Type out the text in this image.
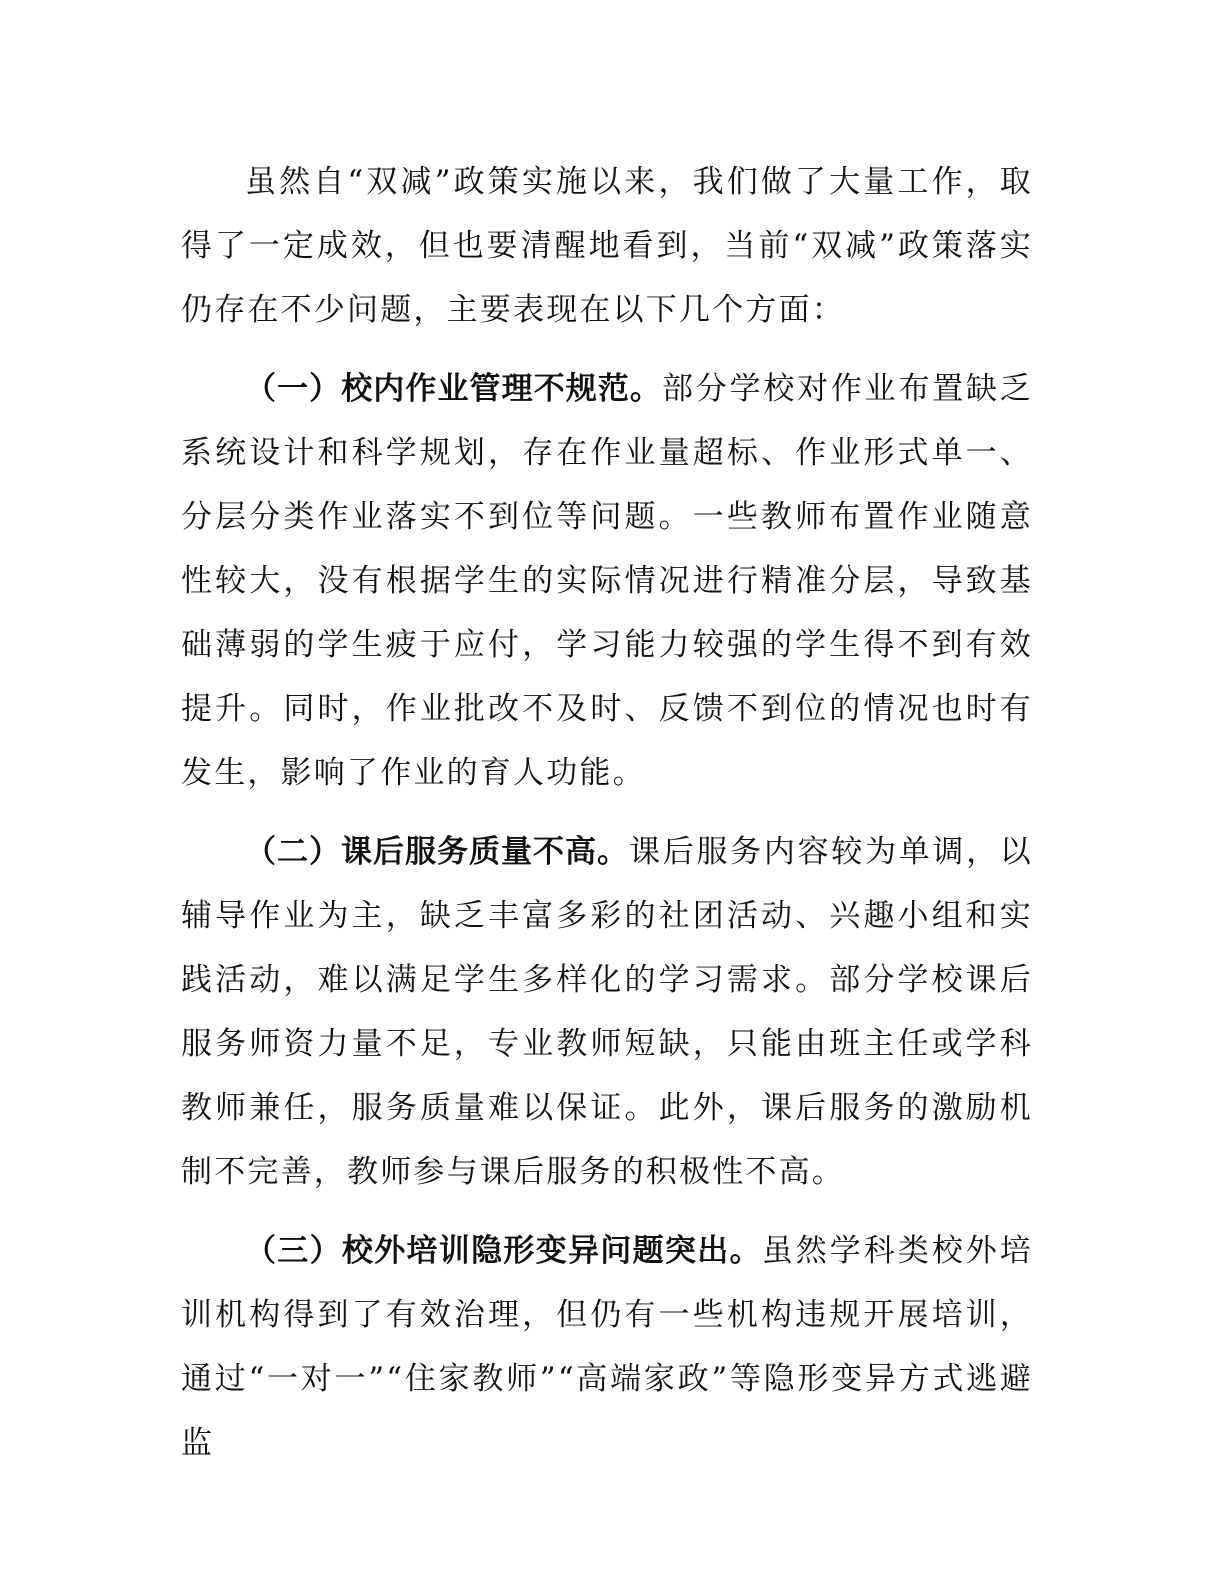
虽然自“双减”政策实施以来，我们做了大量工作，取得了一定成效，但也要清醒地看到，当前“双减”政策落实仍存在不少问题，主要表现在以下几个方面：

（一）校内作业管理不规范。部分学校对作业布置缺乏系统设计和科学规划，存在作业量超标、作业形式单一、分层分类作业落实不到位等问题。一些教师布置作业随意性较大，没有根据学生的实际情况进行精准分层，导致基础薄弱的学生疲于应付，学习能力较强的学生得不到有效提升。同时，作业批改不及时、反馈不到位的情况也时有发生，影响了作业的育人功能。

（二）课后服务质量不高。课后服务内容较为单调，以辅导作业为主，缺乏丰富多彩的社团活动、兴趣小组和实践活动，难以满足学生多样化的学习需求。部分学校课后服务师资力量不足，专业教师短缺，只能由班主任或学科教师兼任，服务质量难以保证。此外，课后服务的激励机制不完善，教师参与课后服务的积极性不高。

（三）校外培训隐形变异问题突出。虽然学科类校外培训机构得到了有效治理，但仍有一些机构违规开展培训，通过“一对一”“住家教师”“高端家政”等隐形变异方式逃避监
